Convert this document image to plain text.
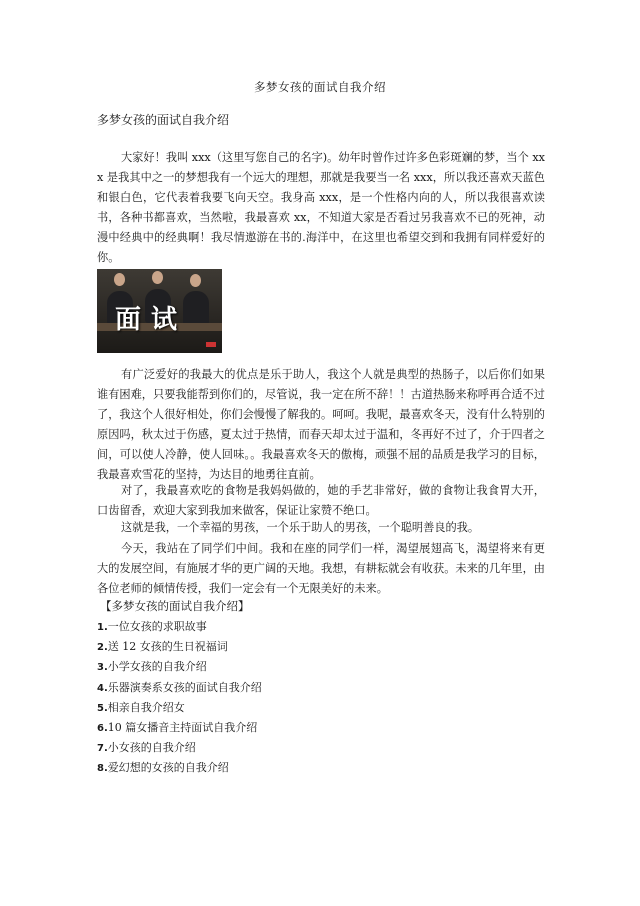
多梦女孩的面试自我介绍
多梦女孩的面试自我介绍

大家好！我叫 xxx（这里写您自己的名字)。幼年时曾作过许多色彩斑斓的梦，当个 xxx 是我其中之一的梦想我有一个远大的理想，那就是我要当一名 xxx，所以我还喜欢天蓝色和银白色，它代表着我要飞向天空。我身高 xxx，是一个性格内向的人，所以我很喜欢读书，各种书都喜欢，当然啦，我最喜欢 xx，不知道大家是否看过另我喜欢不已的死神，动漫中经典中的经典啊！我尽情遨游在书的.海洋中，在这里也希望交到和我拥有同样爱好的你。

面试

有广泛爱好的我最大的优点是乐于助人，我这个人就是典型的热肠子，以后你们如果谁有困难，只要我能帮到你们的，尽管说，我一定在所不辞！！古道热肠来称呼再合适不过了，我这个人很好相处，你们会慢慢了解我的。呵呵。我呢，最喜欢冬天，没有什么特别的原因吗，秋太过于伤感，夏太过于热情，而春天却太过于温和，冬再好不过了，介于四者之间，可以使人冷静，使人回味。。我最喜欢冬天的傲梅，顽强不屈的品质是我学习的目标，我最喜欢雪花的坚持，为达目的地勇往直前。

对了，我最喜欢吃的食物是我妈妈做的，她的手艺非常好，做的食物让我食胃大开，口齿留香，欢迎大家到我加来做客，保证让家赞不绝口。

这就是我，一个幸福的男孩，一个乐于助人的男孩，一个聪明善良的我。

今天，我站在了同学们中间。我和在座的同学们一样，渴望展翅高飞，渴望将来有更大的发展空间，有施展才华的更广阔的天地。我想，有耕耘就会有收获。未来的几年里，由各位老师的倾情传授，我们一定会有一个无限美好的未来。

【多梦女孩的面试自我介绍】
1.一位女孩的求职故事
2.送 12 女孩的生日祝福词
3.小学女孩的自我介绍
4.乐器演奏系女孩的面试自我介绍
5.相亲自我介绍女
6.10 篇女播音主持面试自我介绍
7.小女孩的自我介绍
8.爱幻想的女孩的自我介绍
